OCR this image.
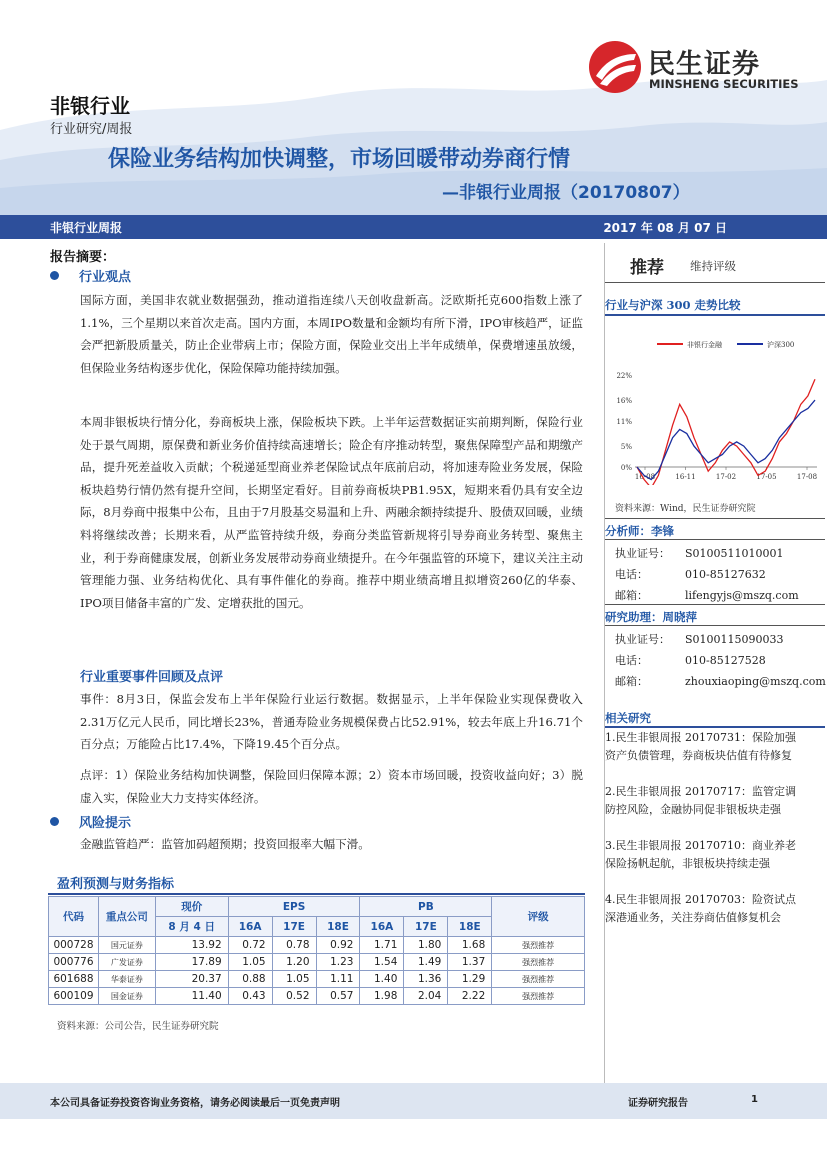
民生证券
MINSHENG SECURITIES
非银行业
行业研究/周报
保险业务结构加快调整，市场回暖带动券商行情
—非银行业周报（20170807）
非银行业周报	2017 年 08 月 07 日
报告摘要：
行业观点

国际方面，美国非农就业数据强劲，推动道指连续八天创收盘新高。泛欧斯托克600指数上涨了1.1%，三个星期以来首次走高。国内方面，本周IPO数量和金额均有所下滑，IPO审核趋严，证监会严把新股质量关，防止企业带病上市；保险方面，保险业交出上半年成绩单，保费增速虽放缓，但保险业务结构逐步优化，保险保障功能持续加强。

本周非银板块行情分化，券商板块上涨，保险板块下跌。上半年运营数据证实前期判断，保险行业处于景气周期，原保费和新业务价值持续高速增长；险企有序推动转型，聚焦保障型产品和期缴产品，提升死差益收入贡献；个税递延型商业养老保险试点年底前启动，将加速寿险业务发展，保险板块趋势行情仍然有提升空间，长期坚定看好。目前券商板块PB1.95X，短期来看仍具有安全边际，8月券商中报集中公布，且由于7月股基交易温和上升、两融余额持续提升、股债双回暖，业绩料将继续改善；长期来看，从严监管持续升级，券商分类监管新规将引导券商业务转型、聚焦主业，利于券商健康发展，创新业务发展带动券商业绩提升。在今年强监管的环境下，建议关注主动管理能力强、业务结构优化、具有事件催化的券商。推荐中期业绩高增且拟增资260亿的华泰、IPO项目储备丰富的广发、定增获批的国元。

行业重要事件回顾及点评

事件：8月3日，保监会发布上半年保险行业运行数据。数据显示，上半年保险业实现保费收入2.31万亿元人民币，同比增长23%，普通寿险业务规模保费占比52.91%，较去年底上升16.71个百分点；万能险占比17.4%，下降19.45个百分点。

点评：1）保险业务结构加快调整，保险回归保障本源；2）资本市场回暖，投资收益向好；3）脱虚入实，保险业大力支持实体经济。

风险提示

金融监管趋严：监管加码超预期；投资回报率大幅下滑。

盈利预测与财务指标
代码	重点公司	现价	EPS			PB			评级
		8 月 4 日	16A	17E	18E	16A	17E	18E	
000728	国元证券	13.92	0.72	0.78	0.92	1.71	1.80	1.68	强烈推荐
000776	广发证券	17.89	1.05	1.20	1.23	1.54	1.49	1.37	强烈推荐
601688	华泰证券	20.37	0.88	1.05	1.11	1.40	1.36	1.29	强烈推荐
600109	国金证券	11.40	0.43	0.52	0.57	1.98	2.04	2.22	强烈推荐
资料来源：公司公告，民生证券研究院
推荐 维持评级
行业与沪深 300 走势比较
非银行金融	沪深300
0%
5%
11%
16%
22%
16-08	16-11	17-02	17-05	17-08
资料来源：Wind，民生证券研究院
分析师：李锋
执业证号： S0100511010001
电话：	010-85127632
邮箱：	lifengyjs@mszq.com
研究助理：周晓萍
执业证号： S0100115090033
电话：	010-85127528
邮箱：	zhouxiaoping@mszq.com
相关研究
1.民生非银周报 20170731：保险加强资产负债管理，券商板块估值有待修复
2.民生非银周报 20170717：监管定调防控风险，金融协同促非银板块走强
3.民生非银周报 20170710：商业养老保险扬帆起航，非银板块持续走强
4.民生非银周报 20170703：险资试点深港通业务，关注券商估值修复机会
本公司具备证券投资咨询业务资格，请务必阅读最后一页免责声明	证券研究报告	1
